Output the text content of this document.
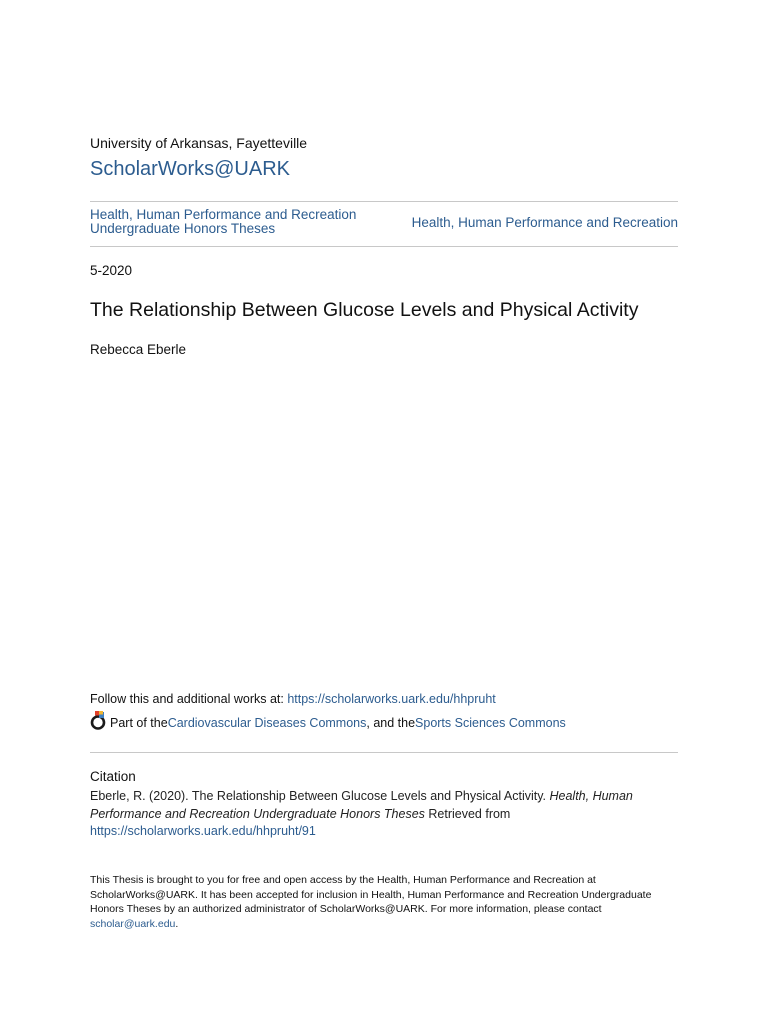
University of Arkansas, Fayetteville
ScholarWorks@UARK
Health, Human Performance and Recreation
Undergraduate Honors Theses	Health, Human Performance and Recreation
5-2020
The Relationship Between Glucose Levels and Physical Activity
Rebecca Eberle
Follow this and additional works at: https://scholarworks.uark.edu/hhpruht
Part of the Cardiovascular Diseases Commons , and the Sports Sciences Commons
Citation
Eberle, R. (2020). The Relationship Between Glucose Levels and Physical Activity. Health, Human Performance and Recreation Undergraduate Honors Theses Retrieved from
https://scholarworks.uark.edu/hhpruht/91
This Thesis is brought to you for free and open access by the Health, Human Performance and Recreation at ScholarWorks@UARK. It has been accepted for inclusion in Health, Human Performance and Recreation Undergraduate Honors Theses by an authorized administrator of ScholarWorks@UARK. For more information, please contact scholar@uark.edu.
